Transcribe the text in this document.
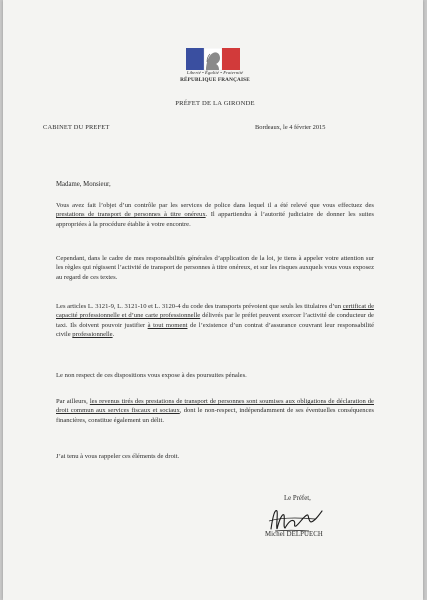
Liberté • Égalité • Fraternité
RÉPUBLIQUE FRANÇAISE
PRÉFET DE LA GIRONDE
CABINET DU PREFET	Bordeaux, le 4 février 2015
Madame, Monsieur,
Vous avez fait l’objet d’un contrôle par les services de police dans lequel il a été relevé que vous effectuez des prestations de transport de personnes à titre onéreux. Il appartiendra à l’autorité judiciaire de donner les suites appropriées à la procédure établie à votre encontre.
Cependant, dans le cadre de mes responsabilités générales d’application de la loi, je tiens à appeler votre attention sur les règles qui régissent l’activité de transport de personnes à titre onéreux, et sur les risques auxquels vous vous exposez au regard de ces textes.
Les articles L. 3121-9, L. 3121-10 et L. 3120-4 du code des transports prévoient que seuls les titulaires d’un certificat de capacité professionnelle et d’une carte professionnelle délivrés par le préfet peuvent exercer l’activité de conducteur de taxi. Ils doivent pouvoir justifier à tout moment de l’existence d’un contrat d’assurance couvrant leur responsabilité civile professionnelle.
Le non respect de ces dispositions vous expose à des poursuites pénales.
Par ailleurs, les revenus tirés des prestations de transport de personnes sont soumises aux obligations de déclaration de droit commun aux services fiscaux et sociaux, dont le non-respect, indépendamment de ses éventuelles conséquences financières, constitue également un délit.
J’ai tenu à vous rappeler ces éléments de droit.
Le Préfet,
Michel DELPUECH
